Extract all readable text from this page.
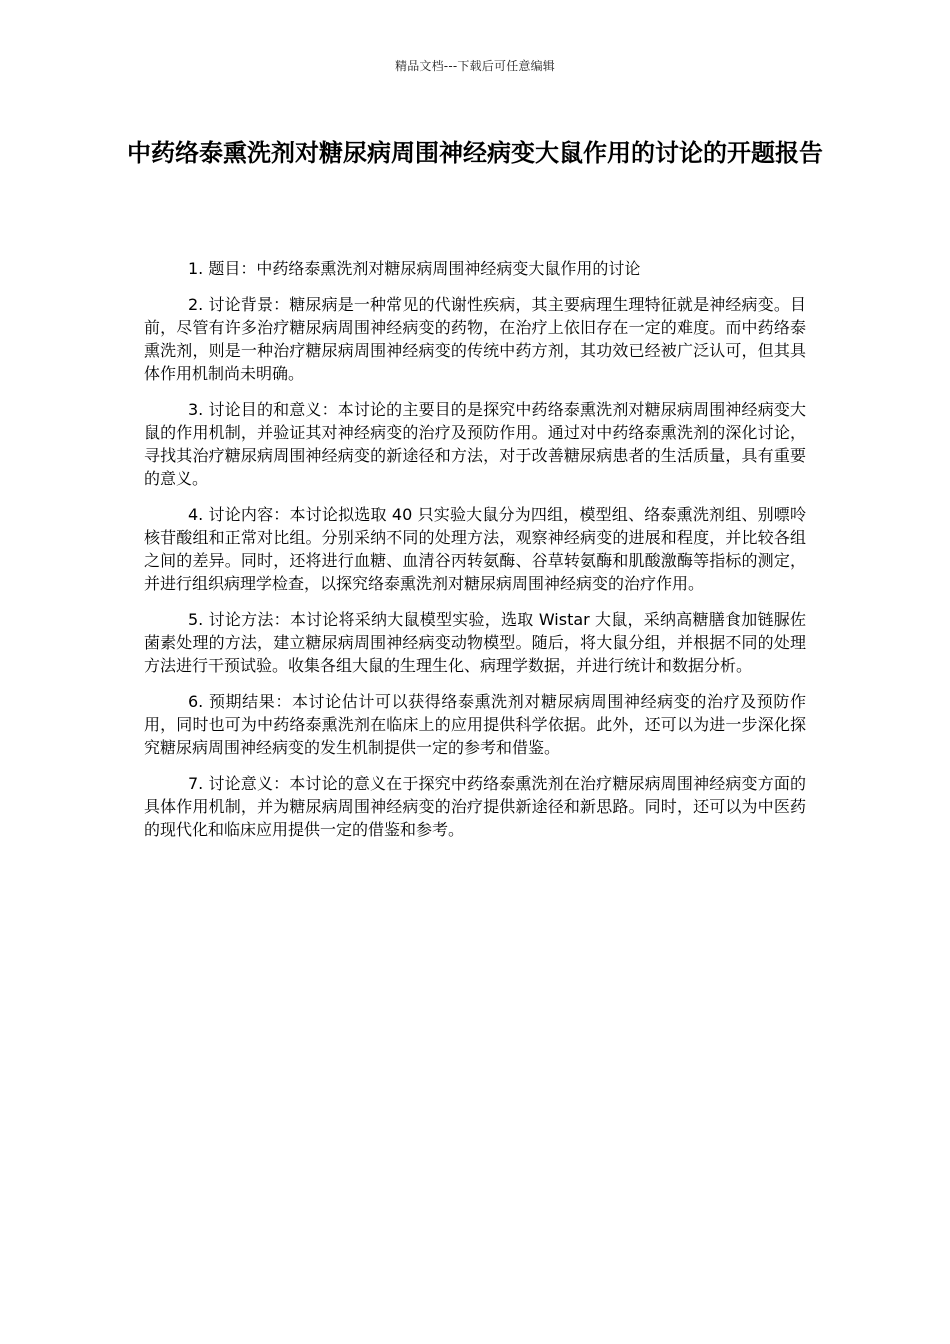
精品文档---下载后可任意编辑
中药络泰熏洗剂对糖尿病周围神经病变大鼠作用的讨论的开题报告

1. 题目：中药络泰熏洗剂对糖尿病周围神经病变大鼠作用的讨论

2. 讨论背景：糖尿病是一种常见的代谢性疾病，其主要病理生理特征就是神经病变。目前，尽管有许多治疗糖尿病周围神经病变的药物，在治疗上依旧存在一定的难度。而中药络泰熏洗剂，则是一种治疗糖尿病周围神经病变的传统中药方剂，其功效已经被广泛认可，但其具体作用机制尚未明确。

3. 讨论目的和意义：本讨论的主要目的是探究中药络泰熏洗剂对糖尿病周围神经病变大鼠的作用机制，并验证其对神经病变的治疗及预防作用。通过对中药络泰熏洗剂的深化讨论，寻找其治疗糖尿病周围神经病变的新途径和方法，对于改善糖尿病患者的生活质量，具有重要的意义。

4. 讨论内容：本讨论拟选取 40 只实验大鼠分为四组，模型组、络泰熏洗剂组、别嘌呤核苷酸组和正常对比组。分别采纳不同的处理方法，观察神经病变的进展和程度，并比较各组之间的差异。同时，还将进行血糖、血清谷丙转氨酶、谷草转氨酶和肌酸激酶等指标的测定，并进行组织病理学检查，以探究络泰熏洗剂对糖尿病周围神经病变的治疗作用。

5. 讨论方法：本讨论将采纳大鼠模型实验，选取 Wistar 大鼠，采纳高糖膳食加链脲佐菌素处理的方法，建立糖尿病周围神经病变动物模型。随后，将大鼠分组，并根据不同的处理方法进行干预试验。收集各组大鼠的生理生化、病理学数据，并进行统计和数据分析。

6. 预期结果：本讨论估计可以获得络泰熏洗剂对糖尿病周围神经病变的治疗及预防作用，同时也可为中药络泰熏洗剂在临床上的应用提供科学依据。此外，还可以为进一步深化探究糖尿病周围神经病变的发生机制提供一定的参考和借鉴。

7. 讨论意义：本讨论的意义在于探究中药络泰熏洗剂在治疗糖尿病周围神经病变方面的具体作用机制，并为糖尿病周围神经病变的治疗提供新途径和新思路。同时，还可以为中医药的现代化和临床应用提供一定的借鉴和参考。
